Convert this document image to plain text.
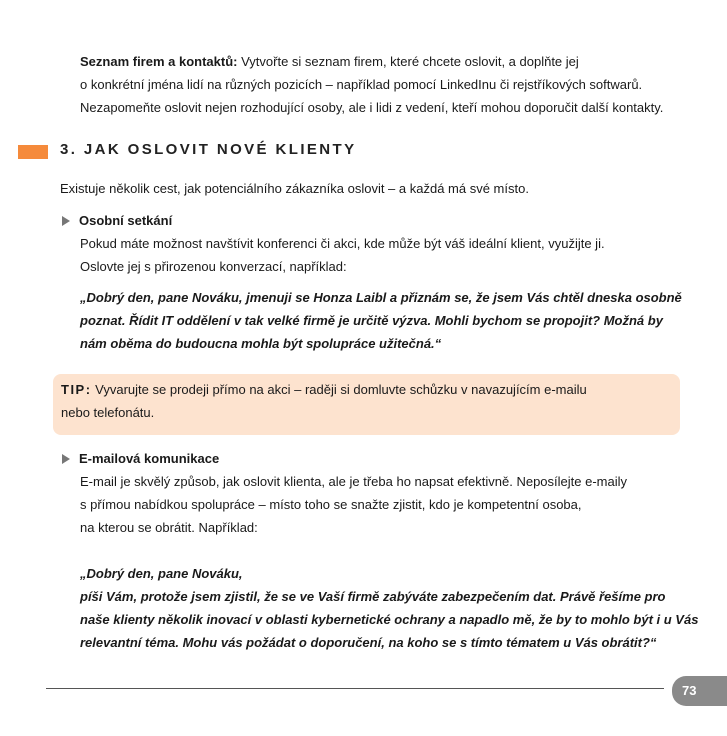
Seznam firem a kontaktů: Vytvořte si seznam firem, které chcete oslovit, a doplňte jej
o konkrétní jména lidí na různých pozicích – například pomocí LinkedInu či rejstříkových softwarů.
Nezapomeňte oslovit nejen rozhodující osoby, ale i lidi z vedení, kteří mohou doporučit další kontakty.
3. JAK OSLOVIT NOVÉ KLIENTY
Existuje několik cest, jak potenciálního zákazníka oslovit – a každá má své místo.
Osobní setkání
Pokud máte možnost navštívit konferenci či akci, kde může být váš ideální klient, využijte ji.
Oslovte jej s přirozenou konverzací, například:
„Dobrý den, pane Nováku, jmenuji se Honza Laibl a přiznám se, že jsem Vás chtěl dneska osobně
poznat. Řídit IT oddělení v tak velké firmě je určitě výzva. Mohli bychom se propojit? Možná by
nám oběma do budoucna mohla být spolupráce užitečná.“
TIP: Vyvarujte se prodeji přímo na akci – raději si domluvte schůzku v navazujícím e-mailu
nebo telefonátu.
E-mailová komunikace
E-mail je skvělý způsob, jak oslovit klienta, ale je třeba ho napsat efektivně. Neposílejte e-maily
s přímou nabídkou spolupráce – místo toho se snažte zjistit, kdo je kompetentní osoba,
na kterou se obrátit. Například:
„Dobrý den, pane Nováku,
píši Vám, protože jsem zjistil, že se ve Vaší firmě zabýváte zabezpečením dat. Právě řešíme pro
naše klienty několik inovací v oblasti kybernetické ochrany a napadlo mě, že by to mohlo být i u Vás
relevantní téma. Mohu vás požádat o doporučení, na koho se s tímto tématem u Vás obrátit?“
73
